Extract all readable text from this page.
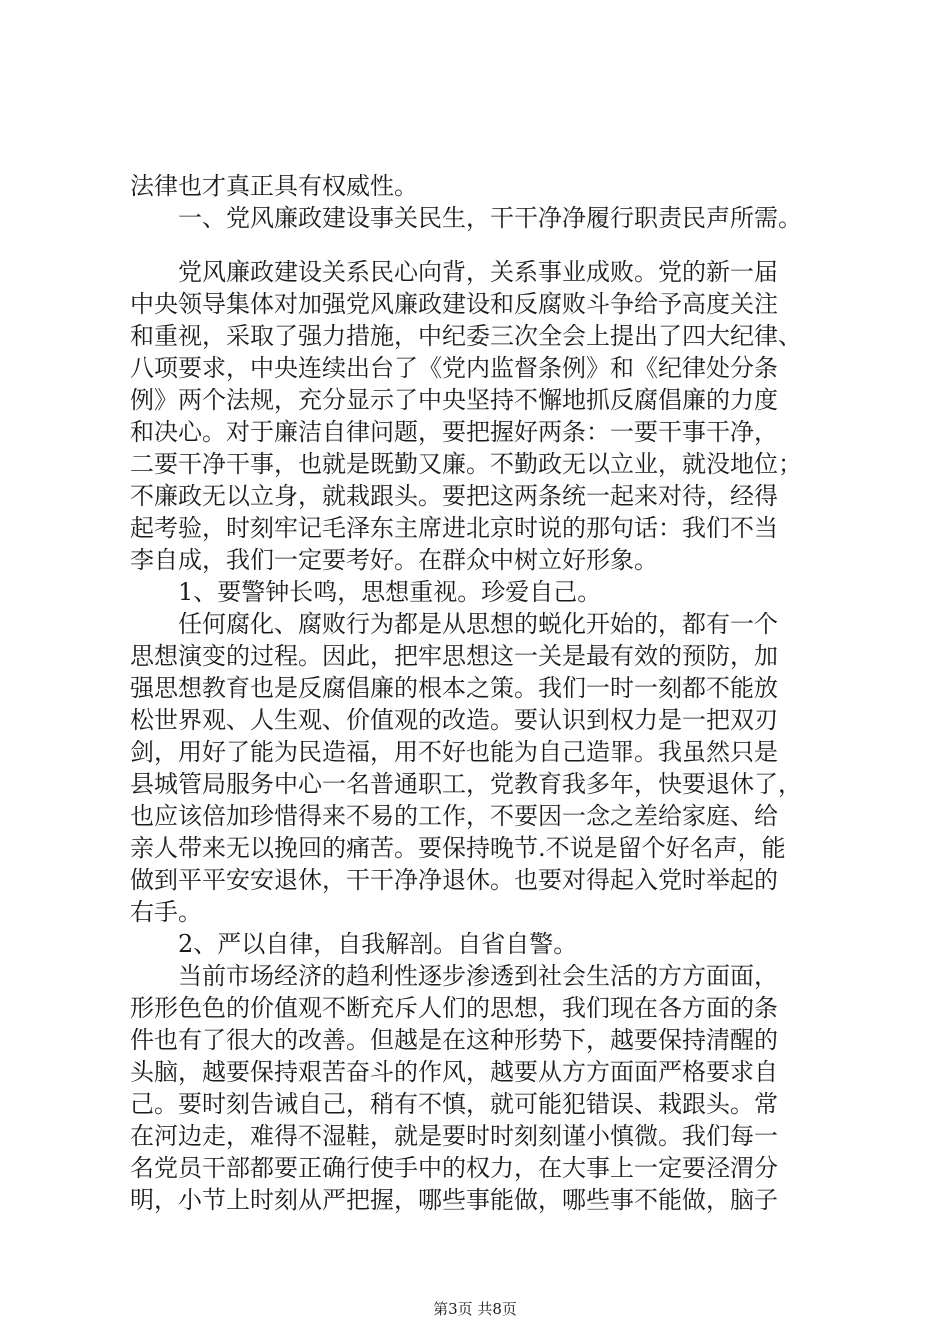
法律也才真正具有权威性。
一、党风廉政建设事关民生，干干净净履行职责民声所需。
党风廉政建设关系民心向背，关系事业成败。党的新一届
中央领导集体对加强党风廉政建设和反腐败斗争给予高度关注
和重视，采取了强力措施，中纪委三次全会上提出了四大纪律、
八项要求，中央连续出台了《党内监督条例》和《纪律处分条
例》两个法规，充分显示了中央坚持不懈地抓反腐倡廉的力度
和决心。对于廉洁自律问题，要把握好两条：一要干事干净，
二要干净干事，也就是既勤又廉。不勤政无以立业，就没地位；
不廉政无以立身，就栽跟头。要把这两条统一起来对待，经得
起考验，时刻牢记毛泽东主席进北京时说的那句话：我们不当
李自成，我们一定要考好。在群众中树立好形象。
1、要警钟长鸣，思想重视。珍爱自己。
任何腐化、腐败行为都是从思想的蜕化开始的，都有一个
思想演变的过程。因此，把牢思想这一关是最有效的预防，加
强思想教育也是反腐倡廉的根本之策。我们一时一刻都不能放
松世界观、人生观、价值观的改造。要认识到权力是一把双刃
剑，用好了能为民造福，用不好也能为自己造罪。我虽然只是
县城管局服务中心一名普通职工，党教育我多年，快要退休了，
也应该倍加珍惜得来不易的工作，不要因一念之差给家庭、给
亲人带来无以挽回的痛苦。要保持晚节.不说是留个好名声，能
做到平平安安退休，干干净净退休。也要对得起入党时举起的
右手。
2、严以自律，自我解剖。自省自警。
当前市场经济的趋利性逐步渗透到社会生活的方方面面，
形形色色的价值观不断充斥人们的思想，我们现在各方面的条
件也有了很大的改善。但越是在这种形势下，越要保持清醒的
头脑，越要保持艰苦奋斗的作风，越要从方方面面严格要求自
己。要时刻告诫自己，稍有不慎，就可能犯错误、栽跟头。常
在河边走，难得不湿鞋，就是要时时刻刻谨小慎微。我们每一
名党员干部都要正确行使手中的权力，在大事上一定要泾渭分
明，小节上时刻从严把握，哪些事能做，哪些事不能做，脑子
第3页 共8页
